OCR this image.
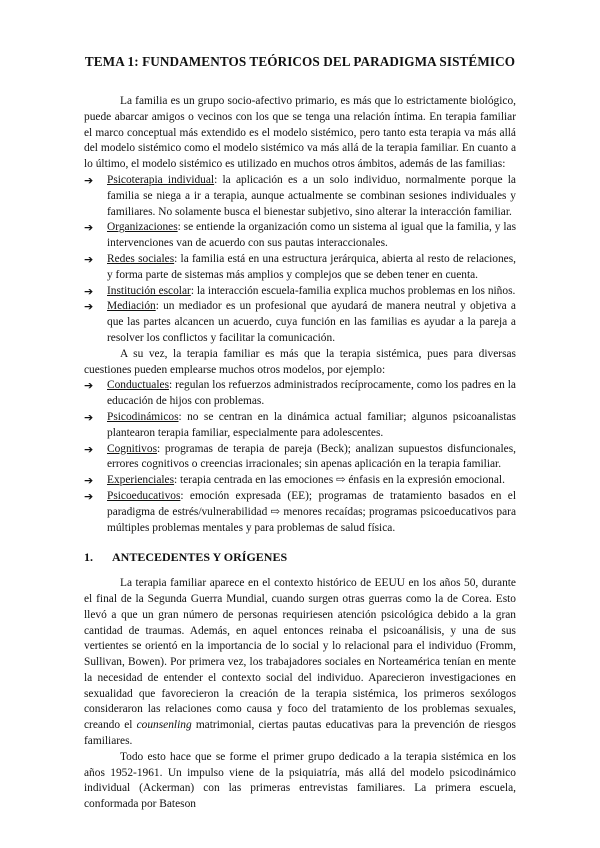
TEMA 1: FUNDAMENTOS TEÓRICOS DEL PARADIGMA SISTÉMICO

La familia es un grupo socio-afectivo primario, es más que lo estrictamente biológico, puede abarcar amigos o vecinos con los que se tenga una relación íntima. En terapia familiar el marco conceptual más extendido es el modelo sistémico, pero tanto esta terapia va más allá del modelo sistémico como el modelo sistémico va más allá de la terapia familiar. En cuanto a lo último, el modelo sistémico es utilizado en muchos otros ámbitos, además de las familias:

➔ Psicoterapia individual: la aplicación es a un solo individuo, normalmente porque la familia se niega a ir a terapia, aunque actualmente se combinan sesiones individuales y familiares. No solamente busca el bienestar subjetivo, sino alterar la interacción familiar.
➔ Organizaciones: se entiende la organización como un sistema al igual que la familia, y las intervenciones van de acuerdo con sus pautas interaccionales.
➔ Redes sociales: la familia está en una estructura jerárquica, abierta al resto de relaciones, y forma parte de sistemas más amplios y complejos que se deben tener en cuenta.
➔ Institución escolar: la interacción escuela-familia explica muchos problemas en los niños.
➔ Mediación: un mediador es un profesional que ayudará de manera neutral y objetiva a que las partes alcancen un acuerdo, cuya función en las familias es ayudar a la pareja a resolver los conflictos y facilitar la comunicación.

A su vez, la terapia familiar es más que la terapia sistémica, pues para diversas cuestiones pueden emplearse muchos otros modelos, por ejemplo:

➔ Conductuales: regulan los refuerzos administrados recíprocamente, como los padres en la educación de hijos con problemas.
➔ Psicodinámicos: no se centran en la dinámica actual familiar; algunos psicoanalistas plantearon terapia familiar, especialmente para adolescentes.
➔ Cognitivos: programas de terapia de pareja (Beck); analizan supuestos disfuncionales, errores cognitivos o creencias irracionales; sin apenas aplicación en la terapia familiar.
➔ Experienciales: terapia centrada en las emociones ⇨ énfasis en la expresión emocional.
➔ Psicoeducativos: emoción expresada (EE); programas de tratamiento basados en el paradigma de estrés/vulnerabilidad ⇨ menores recaídas; programas psicoeducativos para múltiples problemas mentales y para problemas de salud física.
1. ANTECEDENTES Y ORÍGENES

La terapia familiar aparece en el contexto histórico de EEUU en los años 50, durante el final de la Segunda Guerra Mundial, cuando surgen otras guerras como la de Corea. Esto llevó a que un gran número de personas requiriesen atención psicológica debido a la gran cantidad de traumas. Además, en aquel entonces reinaba el psicoanálisis, y una de sus vertientes se orientó en la importancia de lo social y lo relacional para el individuo (Fromm, Sullivan, Bowen). Por primera vez, los trabajadores sociales en Norteamérica tenían en mente la necesidad de entender el contexto social del individuo. Aparecieron investigaciones en sexualidad que favorecieron la creación de la terapia sistémica, los primeros sexólogos consideraron las relaciones como causa y foco del tratamiento de los problemas sexuales, creando el counsenling matrimonial, ciertas pautas educativas para la prevención de riesgos familiares.

Todo esto hace que se forme el primer grupo dedicado a la terapia sistémica en los años 1952-1961. Un impulso viene de la psiquiatría, más allá del modelo psicodinámico individual (Ackerman) con las primeras entrevistas familiares. La primera escuela, conformada por Bateson
